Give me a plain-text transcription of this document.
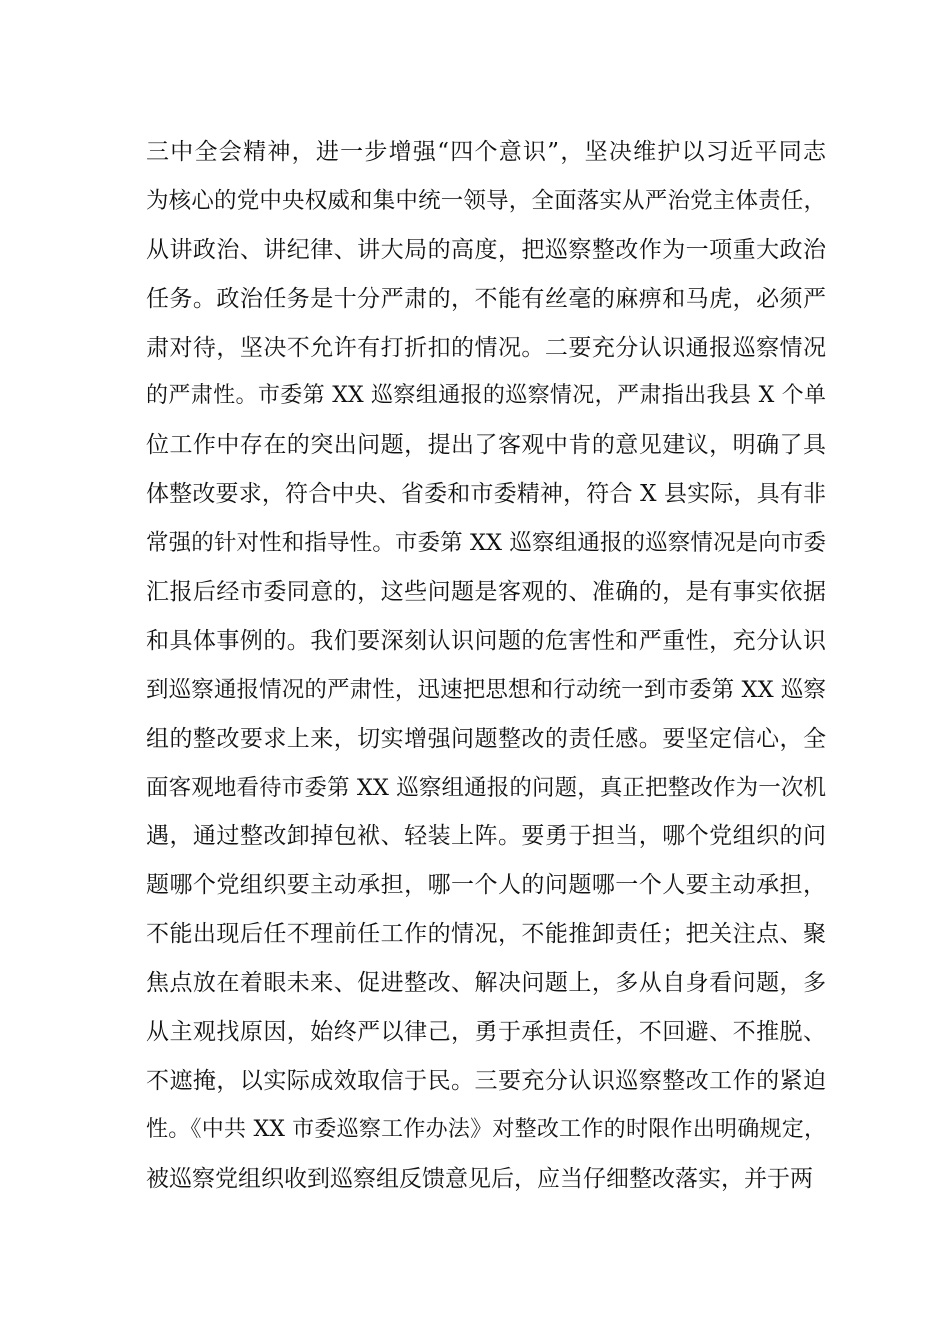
三中全会精神，进一步增强“四个意识”，坚决维护以习近平同志
为核心的党中央权威和集中统一领导，全面落实从严治党主体责任，
从讲政治、讲纪律、讲大局的高度，把巡察整改作为一项重大政治
任务。政治任务是十分严肃的，不能有丝毫的麻痹和马虎，必须严
肃对待，坚决不允许有打折扣的情况。二要充分认识通报巡察情况
的严肃性。市委第 XX 巡察组通报的巡察情况，严肃指出我县 X 个单
位工作中存在的突出问题，提出了客观中肯的意见建议，明确了具
体整改要求，符合中央、省委和市委精神，符合 X 县实际，具有非
常强的针对性和指导性。市委第 XX 巡察组通报的巡察情况是向市委
汇报后经市委同意的，这些问题是客观的、准确的，是有事实依据
和具体事例的。我们要深刻认识问题的危害性和严重性，充分认识
到巡察通报情况的严肃性，迅速把思想和行动统一到市委第 XX 巡察
组的整改要求上来，切实增强问题整改的责任感。要坚定信心，全
面客观地看待市委第 XX 巡察组通报的问题，真正把整改作为一次机
遇，通过整改卸掉包袱、轻装上阵。要勇于担当，哪个党组织的问
题哪个党组织要主动承担，哪一个人的问题哪一个人要主动承担，
不能出现后任不理前任工作的情况，不能推卸责任；把关注点、聚
焦点放在着眼未来、促进整改、解决问题上，多从自身看问题，多
从主观找原因，始终严以律己，勇于承担责任，不回避、不推脱、
不遮掩，以实际成效取信于民。三要充分认识巡察整改工作的紧迫
性。《中共 XX 市委巡察工作办法》对整改工作的时限作出明确规定，
被巡察党组织收到巡察组反馈意见后，应当仔细整改落实，并于两
